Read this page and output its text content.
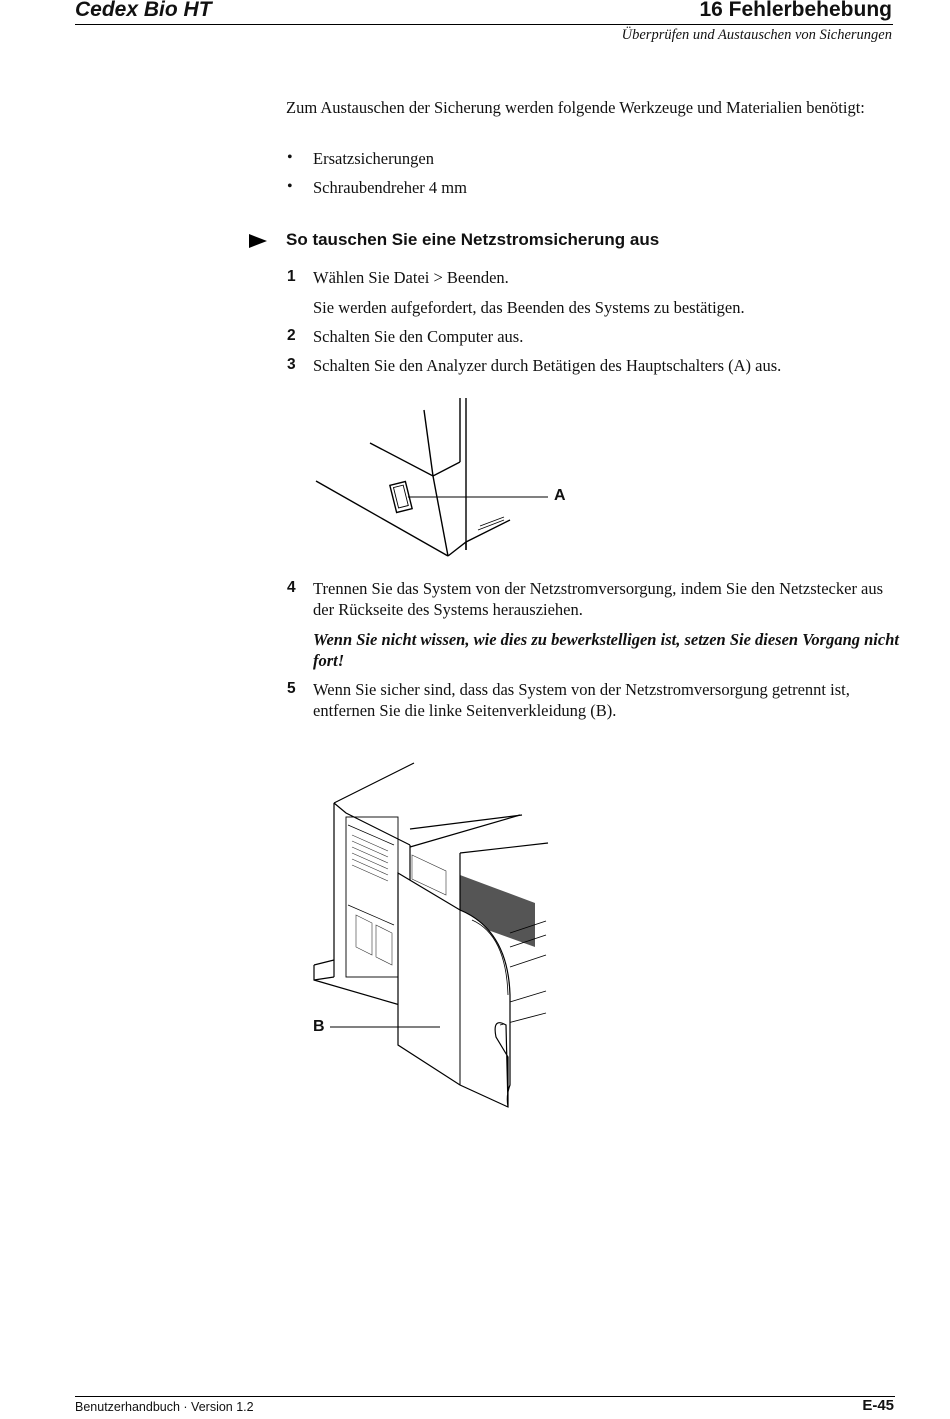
Cedex Bio HT	16 Fehlerbehebung
Überprüfen und Austauschen von Sicherungen
Zum Austauschen der Sicherung werden folgende Werkzeuge und Materialien benötigt:
• Ersatzsicherungen
• Schraubendreher 4 mm
So tauschen Sie eine Netzstromsicherung aus
1 Wählen Sie Datei > Beenden.
Sie werden aufgefordert, das Beenden des Systems zu bestätigen.
2 Schalten Sie den Computer aus.
3 Schalten Sie den Analyzer durch Betätigen des Hauptschalters (A) aus.
A
4 Trennen Sie das System von der Netzstromversorgung, indem Sie den Netzstecker aus der Rückseite des Systems herausziehen.
Wenn Sie nicht wissen, wie dies zu bewerkstelligen ist, setzen Sie diesen Vorgang nicht fort!
5 Wenn Sie sicher sind, dass das System von der Netzstromversorgung getrennt ist, entfernen Sie die linke Seitenverkleidung (B).
B
Benutzerhandbuch · Version 1.2	E-45
